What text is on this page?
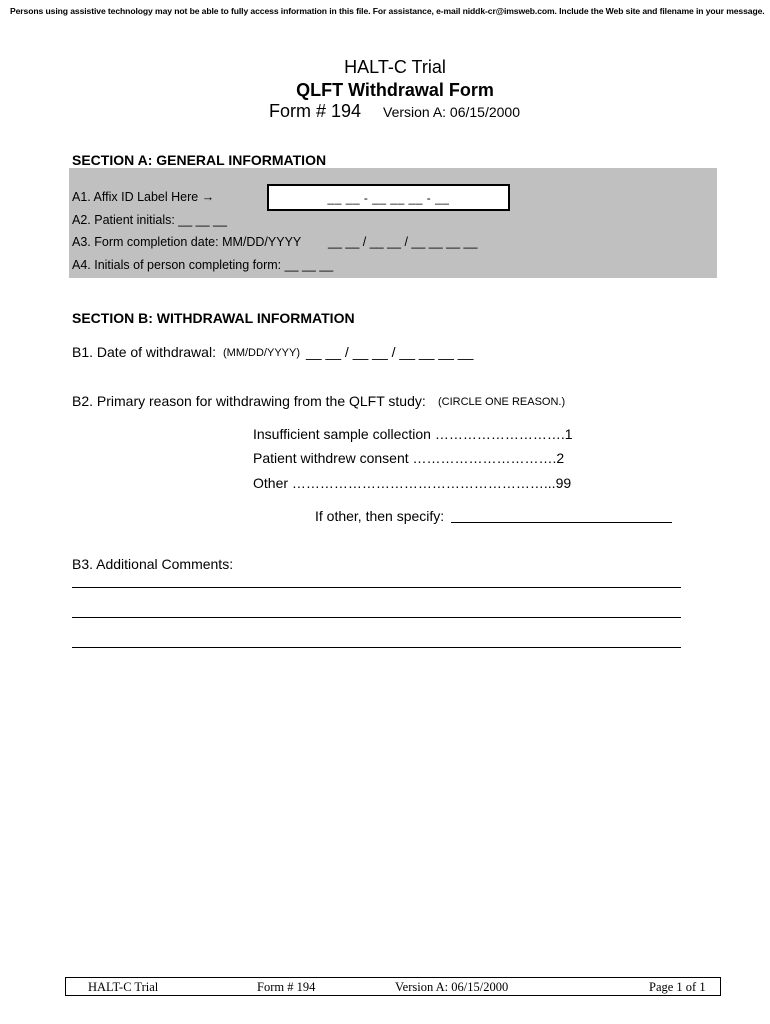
Persons using assistive technology may not be able to fully access information in this file. For assistance, e-mail niddk-cr@imsweb.com. Include the Web site and filename in your message.
HALT-C Trial
QLFT Withdrawal Form
Form # 194 Version A: 06/15/2000
SECTION A: GENERAL INFORMATION
__ __ - __ __ __ - __
A1. Affix ID Label Here →
A2. Patient initials: __ __ __
A3. Form completion date: MM/DD/YYYY __ __ / __ __ / __ __ __ __
A4. Initials of person completing form: __ __ __
SECTION B: WITHDRAWAL INFORMATION
B1. Date of withdrawal: (MM/DD/YYYY) __ __ / __ __ / __ __ __ __
B2. Primary reason for withdrawing from the QLFT study: (CIRCLE ONE REASON.)
Insufficient sample collection ……………………….1
Patient withdrew consent ………………………….2
Other ………………………………………………...99
If other, then specify:
B3. Additional Comments:
HALT-C Trial	Form # 194	Version A: 06/15/2000	Page 1 of 1
